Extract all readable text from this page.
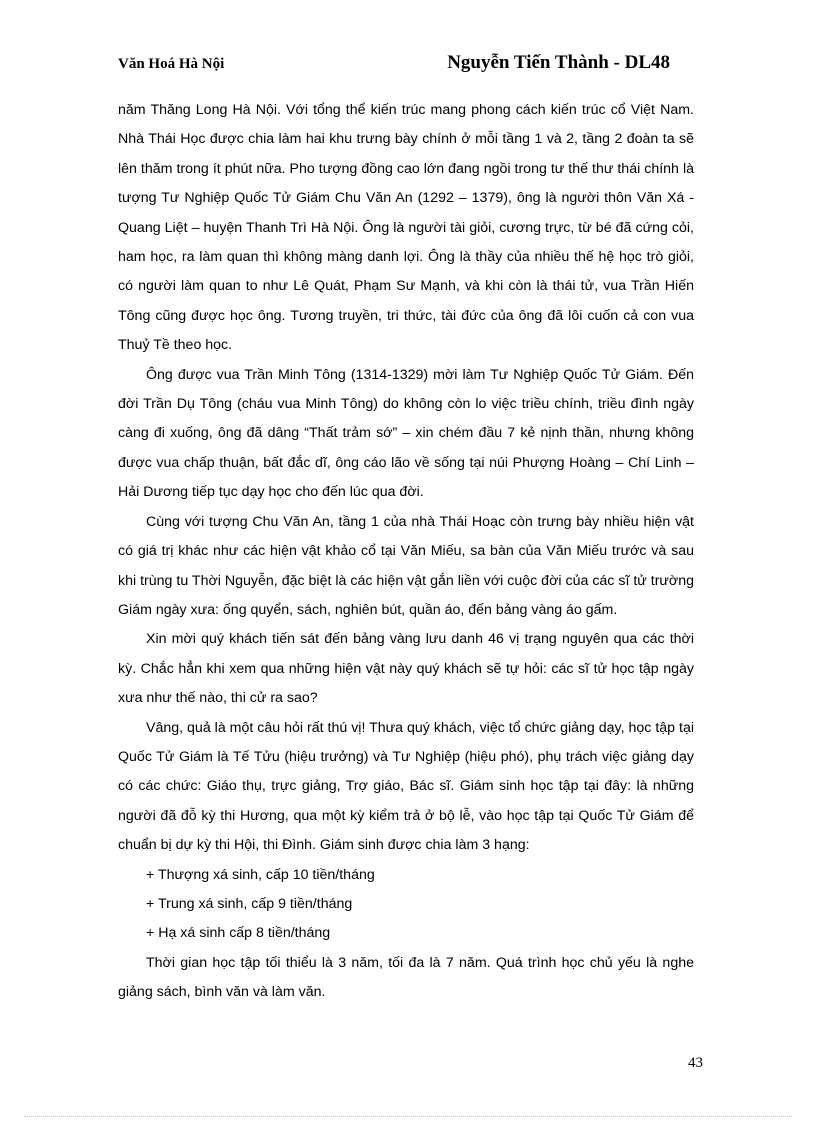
Văn Hoá Hà Nội	Nguyễn Tiến Thành - DL48

năm Thăng Long Hà Nội. Với tổng thể kiến trúc mang phong cách kiến trúc cổ Việt Nam. Nhà Thái Học được chia làm hai khu trưng bày chính ở mỗi tầng 1 và 2, tầng 2 đoàn ta sẽ lên thăm trong ít phút nữa. Pho tượng đồng cao lớn đang ngồi trong tư thế thư thái chính là tượng Tư Nghiệp Quốc Tử Giám Chu Văn An (1292 – 1379), ông là người thôn Văn Xá - Quang Liệt – huyện Thanh Trì Hà Nội. Ông là người tài giỏi, cương trực, từ bé đã cứng cỏi, ham học, ra làm quan thì không màng danh lợi. Ông là thầy của nhiều thế hệ học trò giỏi, có người làm quan to như Lê Quát, Phạm Sư Mạnh, và khi còn là thái tử, vua Trần Hiến Tông cũng được học ông. Tương truyền, tri thức, tài đức của ông đã lôi cuốn cả con vua Thuỷ Tề theo học.

Ông được vua Trần Minh Tông (1314-1329) mời làm Tư Nghiệp Quốc Tử Giám. Đến đời Trần Dụ Tông (cháu vua Minh Tông) do không còn lo việc triều chính, triều đình ngày càng đi xuống, ông đã dâng “Thất trảm sớ” – xin chém đầu 7 kẻ nịnh thần, nhưng không được vua chấp thuận, bất đắc dĩ, ông cáo lão về sống tại núi Phượng Hoàng – Chí Linh – Hải Dương tiếp tục dạy học cho đến lúc qua đời.

Cùng với tượng Chu Văn An, tầng 1 của nhà Thái Hoạc còn trưng bày nhiều hiện vật có giá trị khác như các hiện vật khảo cổ tại Văn Miếu, sa bàn của Văn Miếu trước và sau khi trùng tu Thời Nguyễn, đặc biệt là các hiện vật gắn liền với cuộc đời của các sĩ tử trường Giám ngày xưa: ống quyển, sách, nghiên bút, quần áo, đến bảng vàng áo gấm.

Xin mời quý khách tiến sát đến bảng vàng lưu danh 46 vị trạng nguyên qua các thời kỳ. Chắc hẳn khi xem qua những hiện vật này quý khách sẽ tự hỏi: các sĩ tử học tập ngày xưa như thế nào, thi cử ra sao?

Vâng, quả là một câu hỏi rất thú vị! Thưa quý khách, việc tổ chức giảng dạy, học tập tại Quốc Tử Giám là Tế Tửu (hiệu trưởng) và Tư Nghiệp (hiệu phó), phụ trách việc giảng dạy có các chức: Giáo thụ, trực giảng, Trợ giáo, Bác sĩ. Giám sinh học tập tại đây: là những người đã đỗ kỳ thi Hương, qua một kỳ kiểm trả ở bộ lễ, vào học tập tại Quốc Tử Giám để chuẩn bị dự kỳ thi Hội, thi Đình. Giám sinh được chia làm 3 hạng:

+ Thượng xá sinh, cấp 10 tiền/tháng

+ Trung xá sinh, cấp 9 tiền/tháng

+ Hạ xá sinh cấp 8 tiền/tháng

Thời gian học tập tối thiểu là 3 năm, tối đa là 7 năm. Quá trình học chủ yếu là nghe giảng sách, bình văn và làm văn.

43
